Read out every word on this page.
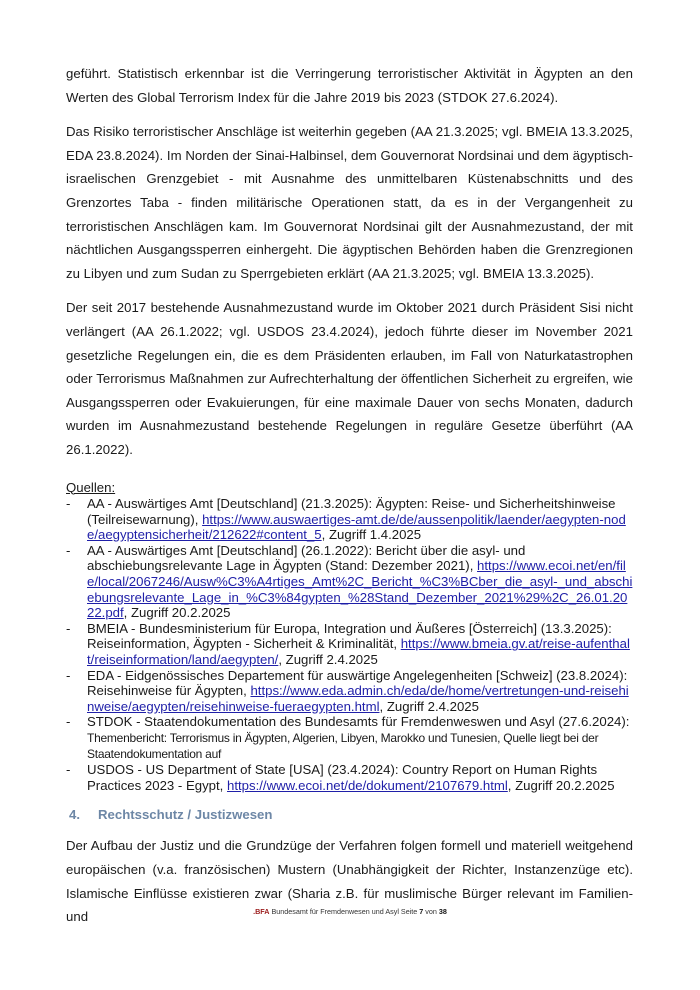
geführt. Statistisch erkennbar ist die Verringerung terroristischer Aktivität in Ägypten an den Werten des Global Terrorism Index für die Jahre 2019 bis 2023 (STDOK 27.6.2024).

Das Risiko terroristischer Anschläge ist weiterhin gegeben (AA 21.3.2025; vgl. BMEIA 13.3.2025, EDA 23.8.2024). Im Norden der Sinai-Halbinsel, dem Gouvernorat Nordsinai und dem ägyptisch-israelischen Grenzgebiet - mit Ausnahme des unmittelbaren Küstenabschnitts und des Grenzortes Taba - finden militärische Operationen statt, da es in der Vergangenheit zu terroristischen Anschlägen kam. Im Gouvernorat Nordsinai gilt der Ausnahmezustand, der mit nächtlichen Ausgangssperren einhergeht. Die ägyptischen Behörden haben die Grenzregionen zu Libyen und zum Sudan zu Sperrgebieten erklärt (AA 21.3.2025; vgl. BMEIA 13.3.2025).

Der seit 2017 bestehende Ausnahmezustand wurde im Oktober 2021 durch Präsident Sisi nicht verlängert (AA 26.1.2022; vgl. USDOS 23.4.2024), jedoch führte dieser im November 2021 gesetzliche Regelungen ein, die es dem Präsidenten erlauben, im Fall von Naturkatastrophen oder Terrorismus Maßnahmen zur Aufrechterhaltung der öffentlichen Sicherheit zu ergreifen, wie Ausgangssperren oder Evakuierungen, für eine maximale Dauer von sechs Monaten, dadurch wurden im Ausnahmezustand bestehende Regelungen in reguläre Gesetze überführt (AA 26.1.2022).

Quellen:
- AA - Auswärtiges Amt [Deutschland] (21.3.2025): Ägypten: Reise- und Sicherheitshinweise (Teilreisewarnung), https://www.auswaertiges-amt.de/de/aussenpolitik/laender/aegypten-node/aegyptensicherheit/212622#content_5, Zugriff 1.4.2025
- AA - Auswärtiges Amt [Deutschland] (26.1.2022): Bericht über die asyl- und abschiebungsrelevante Lage in Ägypten (Stand: Dezember 2021), https://www.ecoi.net/en/file/local/2067246/Ausw%C3%A4rtiges_Amt%2C_Bericht_%C3%BCber_die_asyl-_und_abschiebungsrelevante_Lage_in_%C3%84gypten_%28Stand_Dezember_2021%29%2C_26.01.2022.pdf, Zugriff 20.2.2025
- BMEIA - Bundesministerium für Europa, Integration und Äußeres [Österreich] (13.3.2025): Reiseinformation, Ägypten - Sicherheit & Kriminalität, https://www.bmeia.gv.at/reise-aufenthalt/reiseinformation/land/aegypten/, Zugriff 2.4.2025
- EDA - Eidgenössisches Departement für auswärtige Angelegenheiten [Schweiz] (23.8.2024): Reisehinweise für Ägypten, https://www.eda.admin.ch/eda/de/home/vertretungen-und-reisehinweise/aegypten/reisehinweise-fueraegypten.html, Zugriff 2.4.2025
- STDOK - Staatendokumentation des Bundesamts für Fremdenweswen und Asyl (27.6.2024): Themenbericht: Terrorismus in Ägypten, Algerien, Libyen, Marokko und Tunesien, Quelle liegt bei der Staatendokumentation auf
- USDOS - US Department of State [USA] (23.4.2024): Country Report on Human Rights Practices 2023 - Egypt, https://www.ecoi.net/de/dokument/2107679.html, Zugriff 20.2.2025
4.	Rechtsschutz / Justizwesen

Der Aufbau der Justiz und die Grundzüge der Verfahren folgen formell und materiell weitgehend europäischen (v.a. französischen) Mustern (Unabhängigkeit der Richter, Instanzenzüge etc). Islamische Einflüsse existieren zwar (Sharia z.B. für muslimische Bürger relevant im Familien- und	.BFA Bundesamt für Fremdenwesen und Asyl Seite 7 von 38
